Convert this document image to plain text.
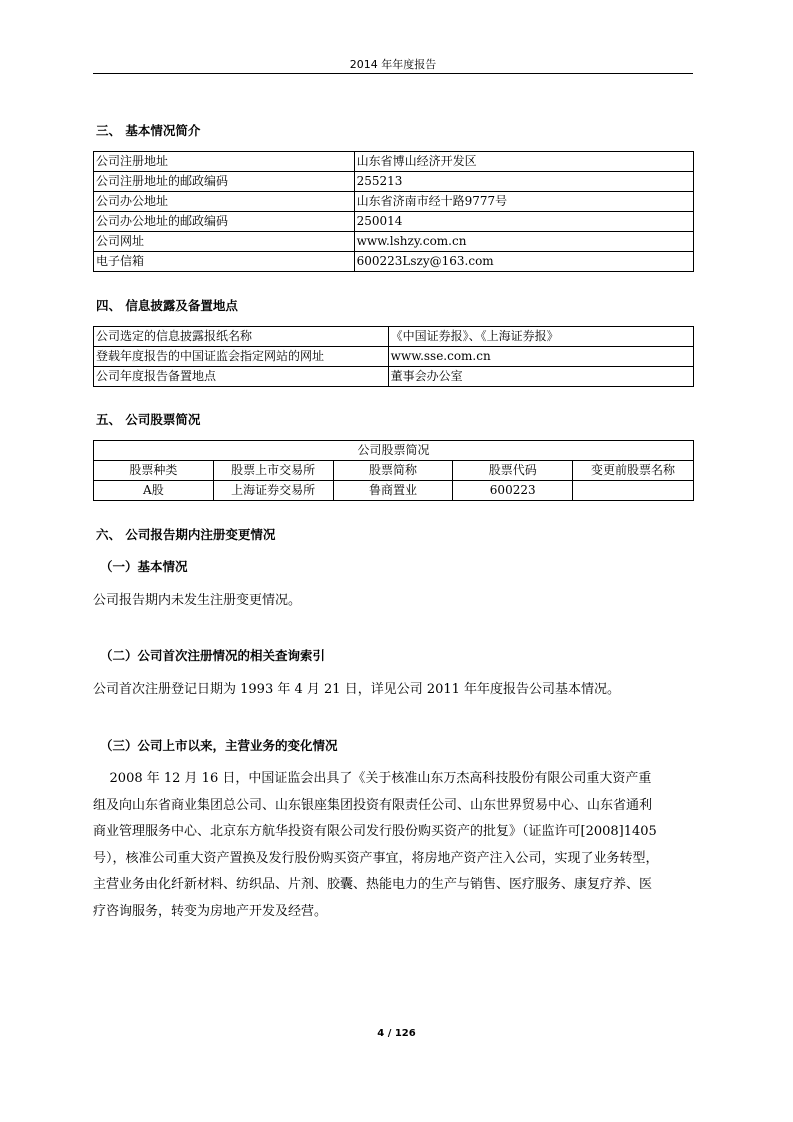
2014 年年度报告
三、 基本情况简介
公司注册地址	山东省博山经济开发区
公司注册地址的邮政编码	255213
公司办公地址	山东省济南市经十路9777号
公司办公地址的邮政编码	250014
公司网址	www.lshzy.com.cn
电子信箱	600223Lszy@163.com
四、 信息披露及备置地点
公司选定的信息披露报纸名称	《中国证券报》、《上海证券报》
登载年度报告的中国证监会指定网站的网址	www.sse.com.cn
公司年度报告备置地点	董事会办公室
五、 公司股票简况
公司股票简况				
股票种类	股票上市交易所	股票简称	股票代码	变更前股票名称
A股	上海证券交易所	鲁商置业	600223	
六、 公司报告期内注册变更情况
（一）基本情况
公司报告期内未发生注册变更情况。
（二）公司首次注册情况的相关查询索引
公司首次注册登记日期为 1993 年 4 月 21 日，详见公司 2011 年年度报告公司基本情况。
（三）公司上市以来，主营业务的变化情况

2008 年 12 月 16 日，中国证监会出具了《关于核准山东万杰高科技股份有限公司重大资产重

组及向山东省商业集团总公司、山东银座集团投资有限责任公司、山东世界贸易中心、山东省通利

商业管理服务中心、北京东方航华投资有限公司发行股份购买资产的批复》（证监许可[2008]1405

号），核准公司重大资产置换及发行股份购买资产事宜，将房地产资产注入公司，实现了业务转型，

主营业务由化纤新材料、纺织品、片剂、胶囊、热能电力的生产与销售、医疗服务、康复疗养、医

疗咨询服务，转变为房地产开发及经营。

4 / 126
